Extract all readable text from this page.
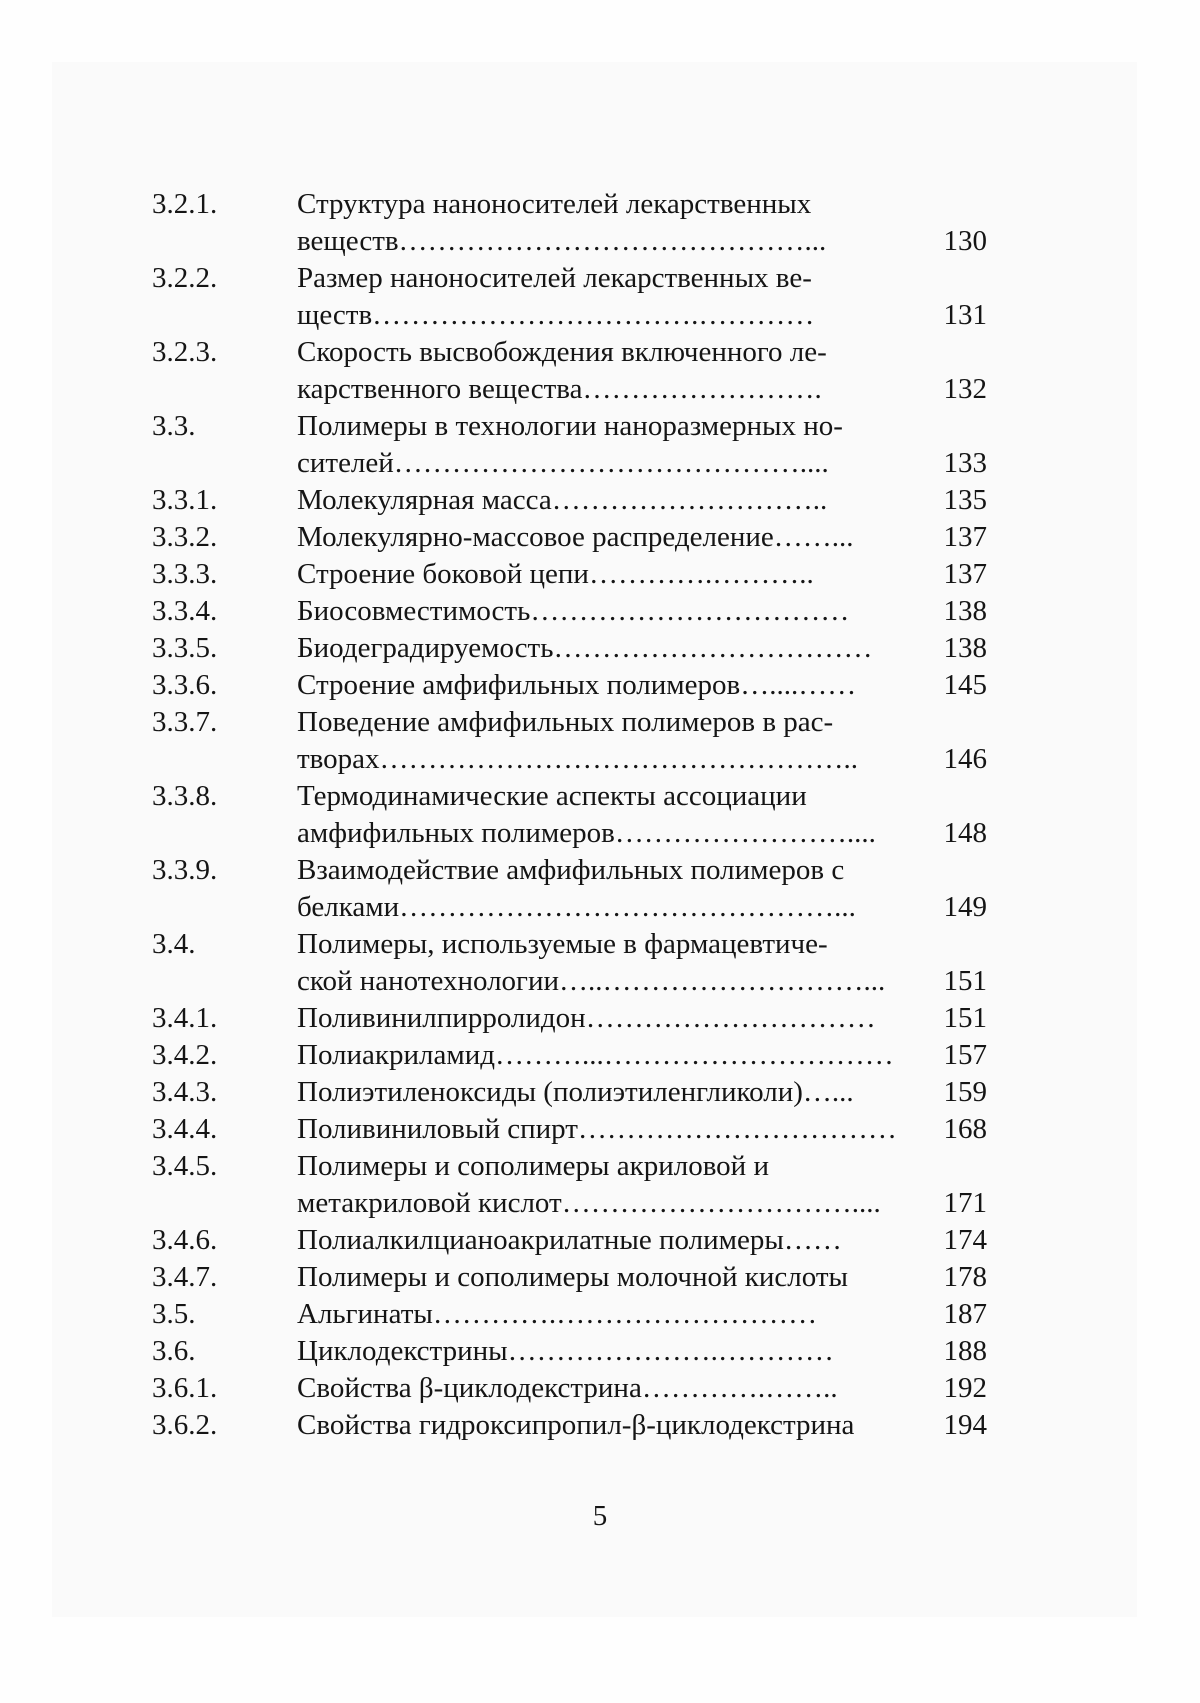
3.2.1.	Структура наноносителей лекарственных
веществ……………………………………...	130
3.2.2.	Размер наноносителей лекарственных ве-
ществ…………………………….…………	131
3.2.3.	Скорость высвобождения включенного ле-
карственного вещества…………………….	132
3.3.	Полимеры в технологии наноразмерных но-
сителей……………………………………....	133
3.3.1.	Молекулярная масса………………………..	135
3.3.2.	Молекулярно-массовое распределение……...	137
3.3.3.	Строение боковой цепи………….………..	137
3.3.4.	Биосовместимость……………………………	138
3.3.5.	Биодеградируемость……………………………	138
3.3.6.	Строение амфифильных полимеров…....……	145
3.3.7.	Поведение амфифильных полимеров в рас-
творах…………………………………………..	146
3.3.8.	Термодинамические аспекты ассоциации
амфифильных полимеров……………………....	148
3.3.9.	Взаимодействие амфифильных полимеров с
белками………………………………………...	149
3.4.	Полимеры, используемые в фармацевтиче-
ской нанотехнологии…..………………………...	151
3.4.1.	Поливинилпирролидон…………………………	151
3.4.2.	Полиакриламид………...…………………………	157
3.4.3.	Полиэтиленоксиды (полиэтиленгликоли)…...	159
3.4.4.	Поливиниловый спирт……………………………	168
3.4.5.	Полимеры и сополимеры акриловой и
метакриловой кислот…………………………....	171
3.4.6.	Полиалкилцианоакрилатные полимеры……	174
3.4.7.	Полимеры и сополимеры молочной кислоты	178
3.5.	Альгинаты………….………………………	187
3.6.	Циклодекстрины………………….…………	188
3.6.1.	Свойства β-циклодекстрина………….……..	192
3.6.2.	Свойства гидроксипропил-β-циклодекстрина	194
5
